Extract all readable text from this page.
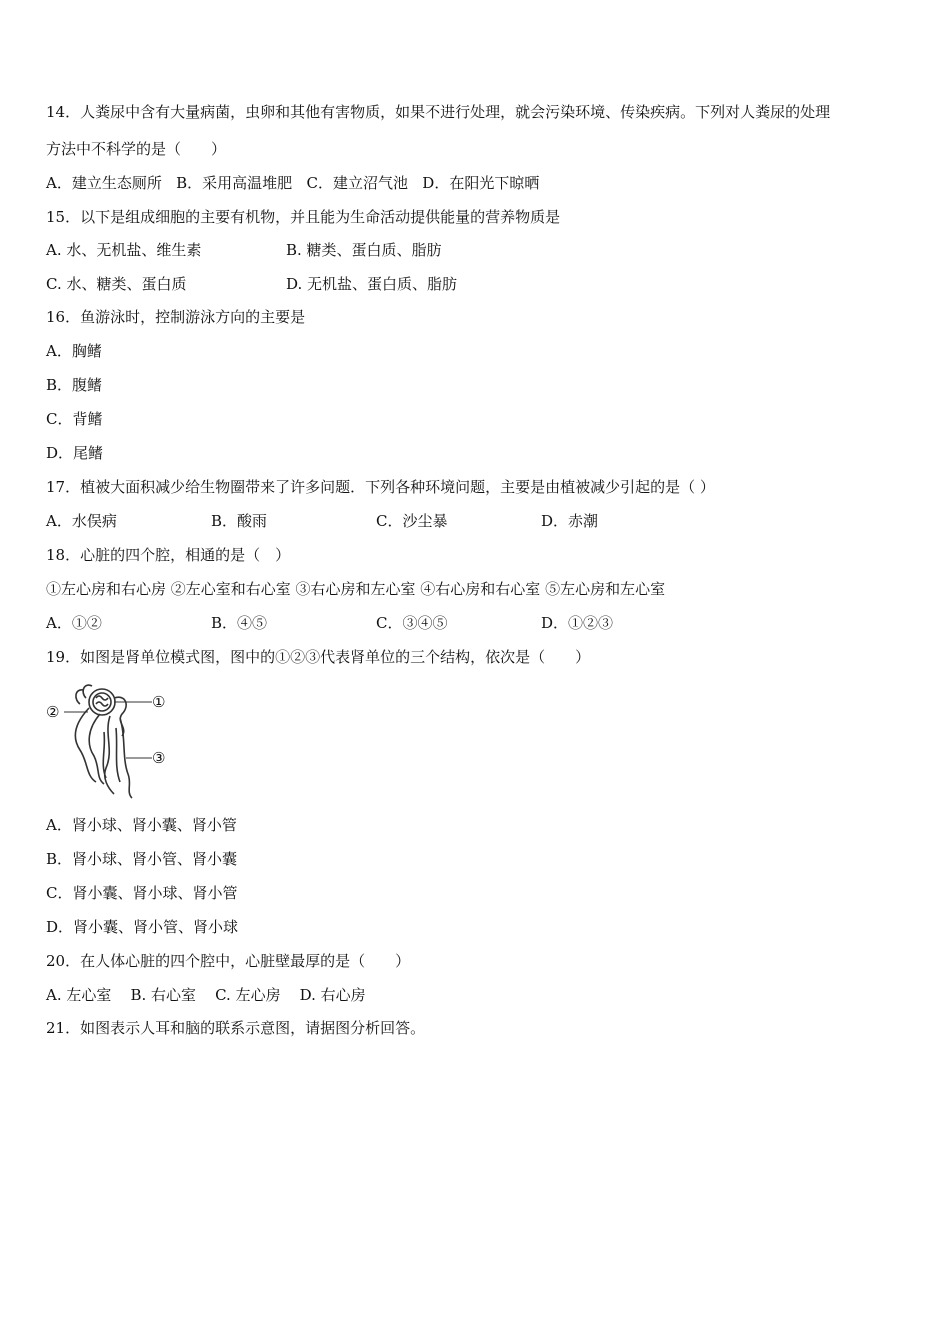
14．人粪尿中含有大量病菌，虫卵和其他有害物质，如果不进行处理，就会污染环境、传染疾病。下列对人粪尿的处理
方法中不科学的是（　　）
A．建立生态厕所 B．采用高温堆肥 C．建立沼气池 D．在阳光下晾晒
15．以下是组成细胞的主要有机物，并且能为生命活动提供能量的营养物质是
A. 水、无机盐、维生素	B. 糖类、蛋白质、脂肪
C. 水、糖类、蛋白质	D. 无机盐、蛋白质、脂肪
16．鱼游泳时，控制游泳方向的主要是
A．胸鳍
B．腹鳍
C．背鳍
D．尾鳍
17．植被大面积减少给生物圈带来了许多问题．下列各种环境问题，主要是由植被减少引起的是（ ）
A．水俣病	B．酸雨	C．沙尘暴	D．赤潮
18．心脏的四个腔，相通的是（　）
①左心房和右心房 ②左心室和右心室 ③右心房和左心室 ④右心房和右心室 ⑤左心房和左心室
A．①②	B．④⑤	C．③④⑤	D．①②③
19．如图是肾单位模式图，图中的①②③代表肾单位的三个结构，依次是（　　）
①
②
③
A．肾小球、肾小囊、肾小管
B．肾小球、肾小管、肾小囊
C．肾小囊、肾小球、肾小管
D．肾小囊、肾小管、肾小球
20．在人体心脏的四个腔中，心脏壁最厚的是（　　）
A. 左心室 B. 右心室 C. 左心房 D. 右心房
21．如图表示人耳和脑的联系示意图，请据图分析回答。
